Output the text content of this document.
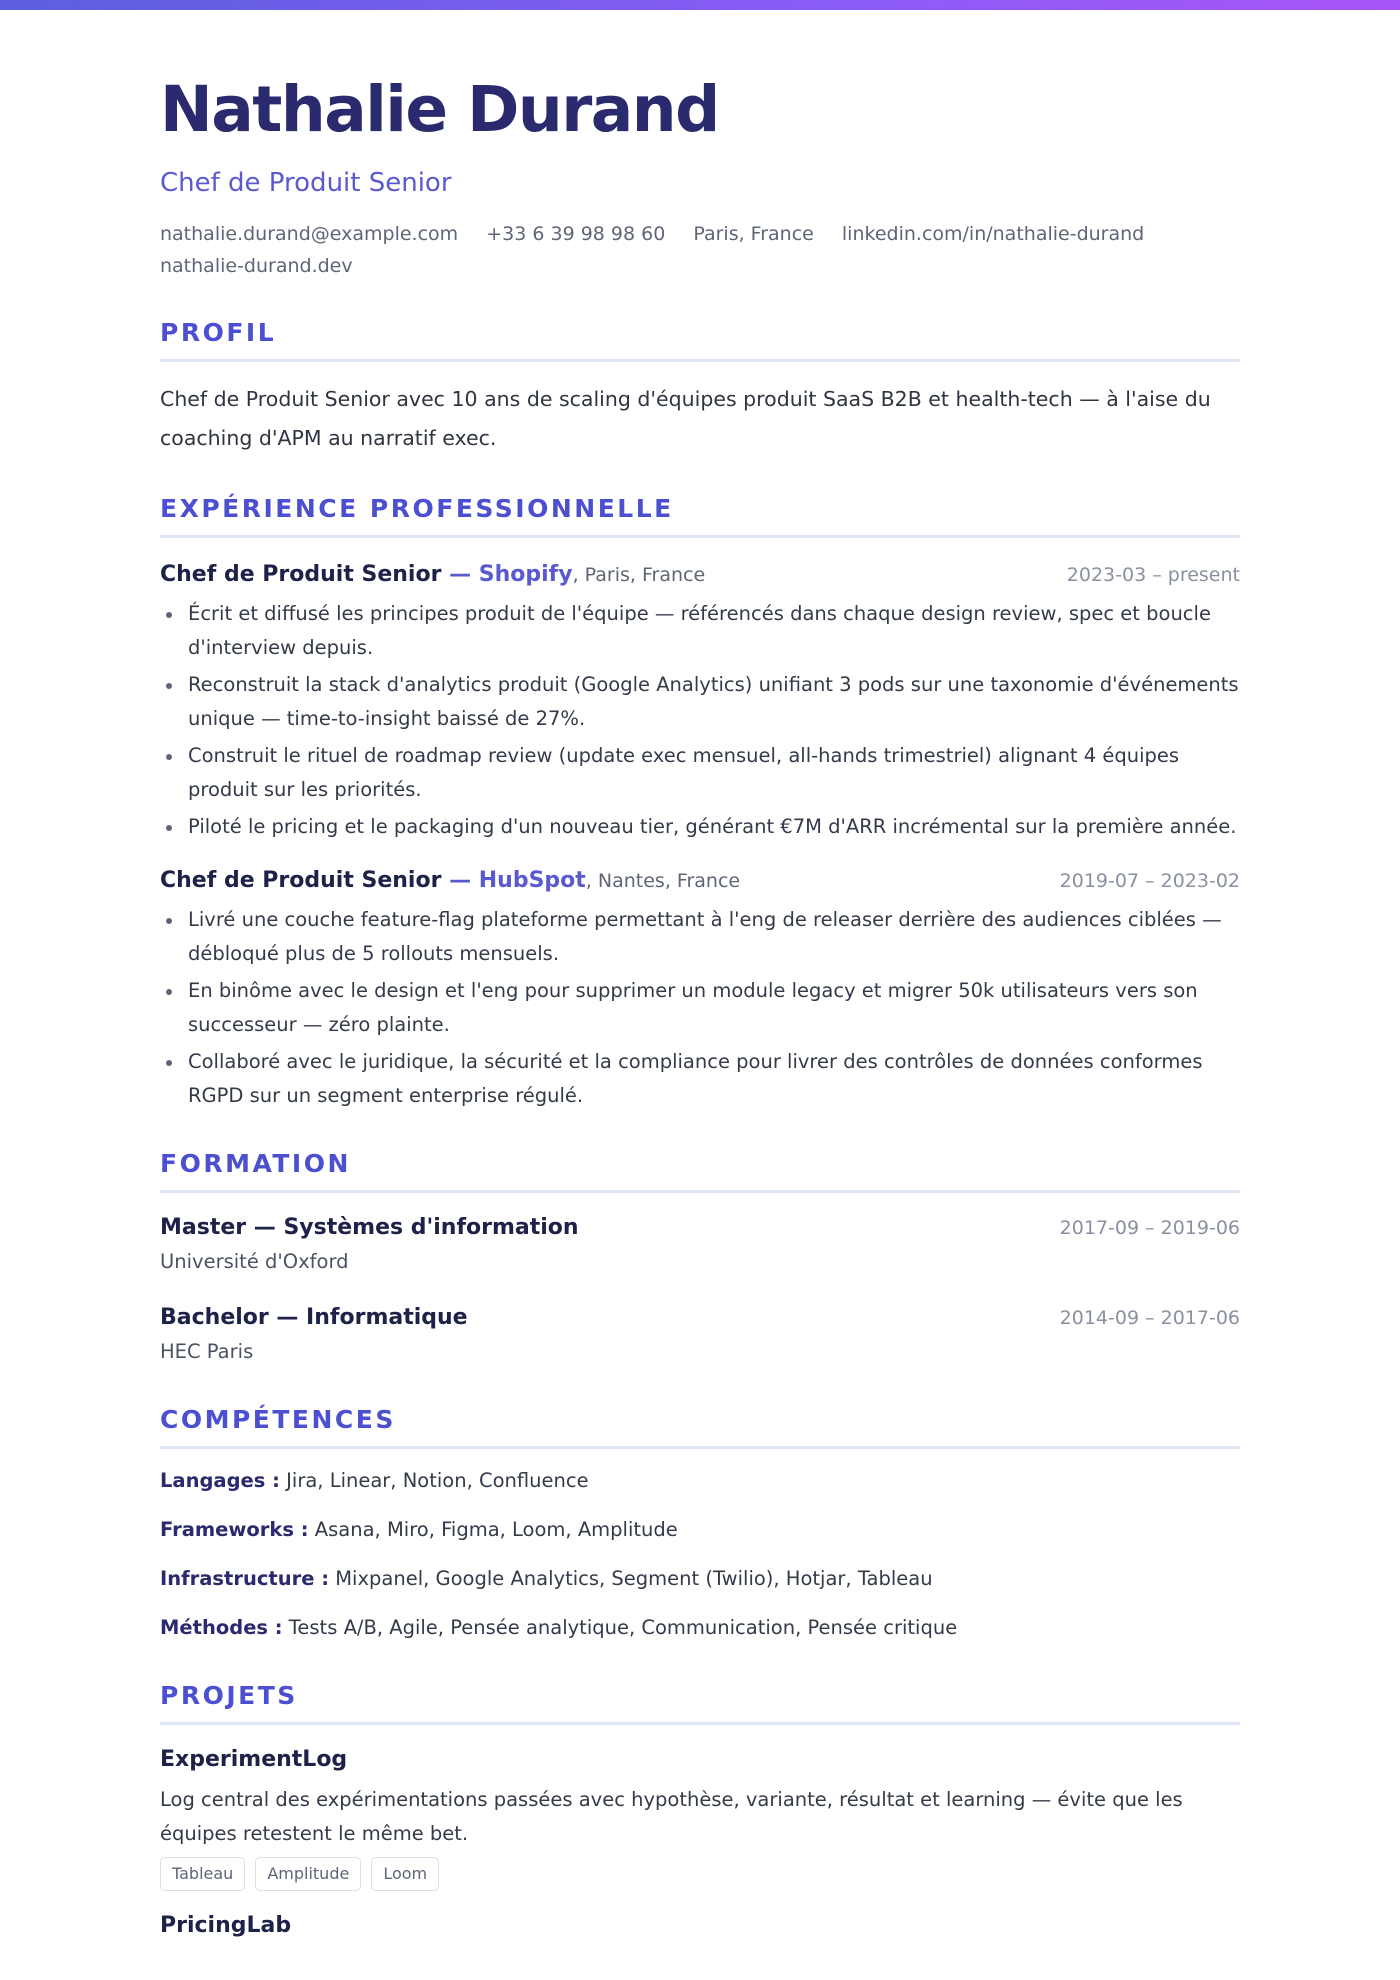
Nathalie Durand
Chef de Produit Senior
nathalie.durand@example.com +33 6 39 98 98 60 Paris, France linkedin.com/in/nathalie-durand nathalie-durand.dev
PROFIL

Chef de Produit Senior avec 10 ans de scaling d'équipes produit SaaS B2B et health-tech — à l'aise du coaching d'APM au narratif exec.

EXPÉRIENCE PROFESSIONNELLE
Chef de Produit Senior — Shopify, Paris, France	2023-03 – present
Écrit et diffusé les principes produit de l'équipe — référencés dans chaque design review, spec et boucle d'interview depuis.
Reconstruit la stack d'analytics produit (Google Analytics) unifiant 3 pods sur une taxonomie d'événements unique — time-to-insight baissé de 27%.
Construit le rituel de roadmap review (update exec mensuel, all-hands trimestriel) alignant 4 équipes produit sur les priorités.
Piloté le pricing et le packaging d'un nouveau tier, générant €7M d'ARR incrémental sur la première année.
Chef de Produit Senior — HubSpot, Nantes, France	2019-07 – 2023-02
Livré une couche feature-flag plateforme permettant à l'eng de releaser derrière des audiences ciblées — débloqué plus de 5 rollouts mensuels.
En binôme avec le design et l'eng pour supprimer un module legacy et migrer 50k utilisateurs vers son successeur — zéro plainte.
Collaboré avec le juridique, la sécurité et la compliance pour livrer des contrôles de données conformes RGPD sur un segment enterprise régulé.
FORMATION
Master — Systèmes d'information	2017-09 – 2019-06
Université d'Oxford
Bachelor — Informatique	2014-09 – 2017-06
HEC Paris
COMPÉTENCES
Langages : Jira, Linear, Notion, Confluence
Frameworks : Asana, Miro, Figma, Loom, Amplitude
Infrastructure : Mixpanel, Google Analytics, Segment (Twilio), Hotjar, Tableau
Méthodes : Tests A/B, Agile, Pensée analytique, Communication, Pensée critique
PROJETS
ExperimentLog

Log central des expérimentations passées avec hypothèse, variante, résultat et learning — évite que les équipes retestent le même bet.

Tableau	Amplitude	Loom
PricingLab
